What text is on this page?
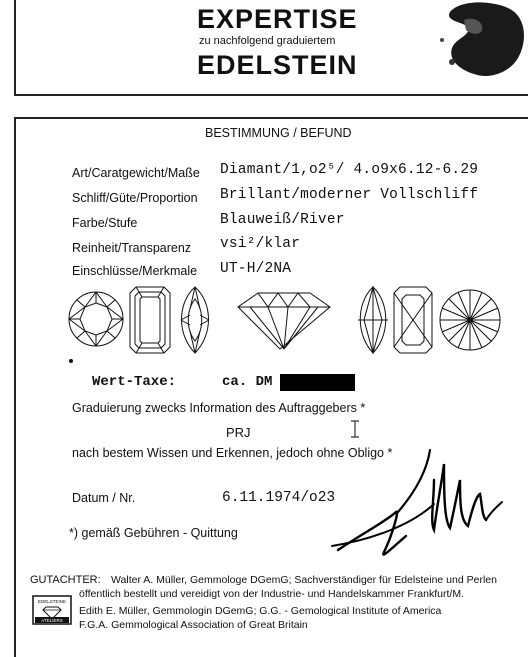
EXPERTISE
zu nachfolgend graduiertem
EDELSTEIN
BESTIMMUNG / BEFUND
Art/Caratgewicht/Maße Diamant/1,o2⁵/ 4.o9x6.12-6.29
Schliff/Güte/Proportion Brillant/moderner Vollschliff
Farbe/Stufe	Blauweiß/River
Reinheit/Transparenz vsi²/klar
Einschlüsse/Merkmale UT-H/2NA
Wert-Taxe:	ca. DM
Graduierung zwecks Information des Auftraggebers *
PRJ
nach bestem Wissen und Erkennen, jedoch ohne Obligo *
Datum / Nr.	6.11.1974/o23
*) gemäß Gebühren - Quittung
GUTACHTER: Walter A. Müller, Gemmologe DGemG; Sachverständiger für Edelsteine und Perlen
öffentlich bestellt und vereidigt von der Industrie- und Handelskammer Frankfurt/M.
Edith E. Müller, Gemmologin DGemG; G.G. - Gemological Institute of America
F.G.A. Gemmological Association of Great Britain
EDELSTEINE
ATELIERS
